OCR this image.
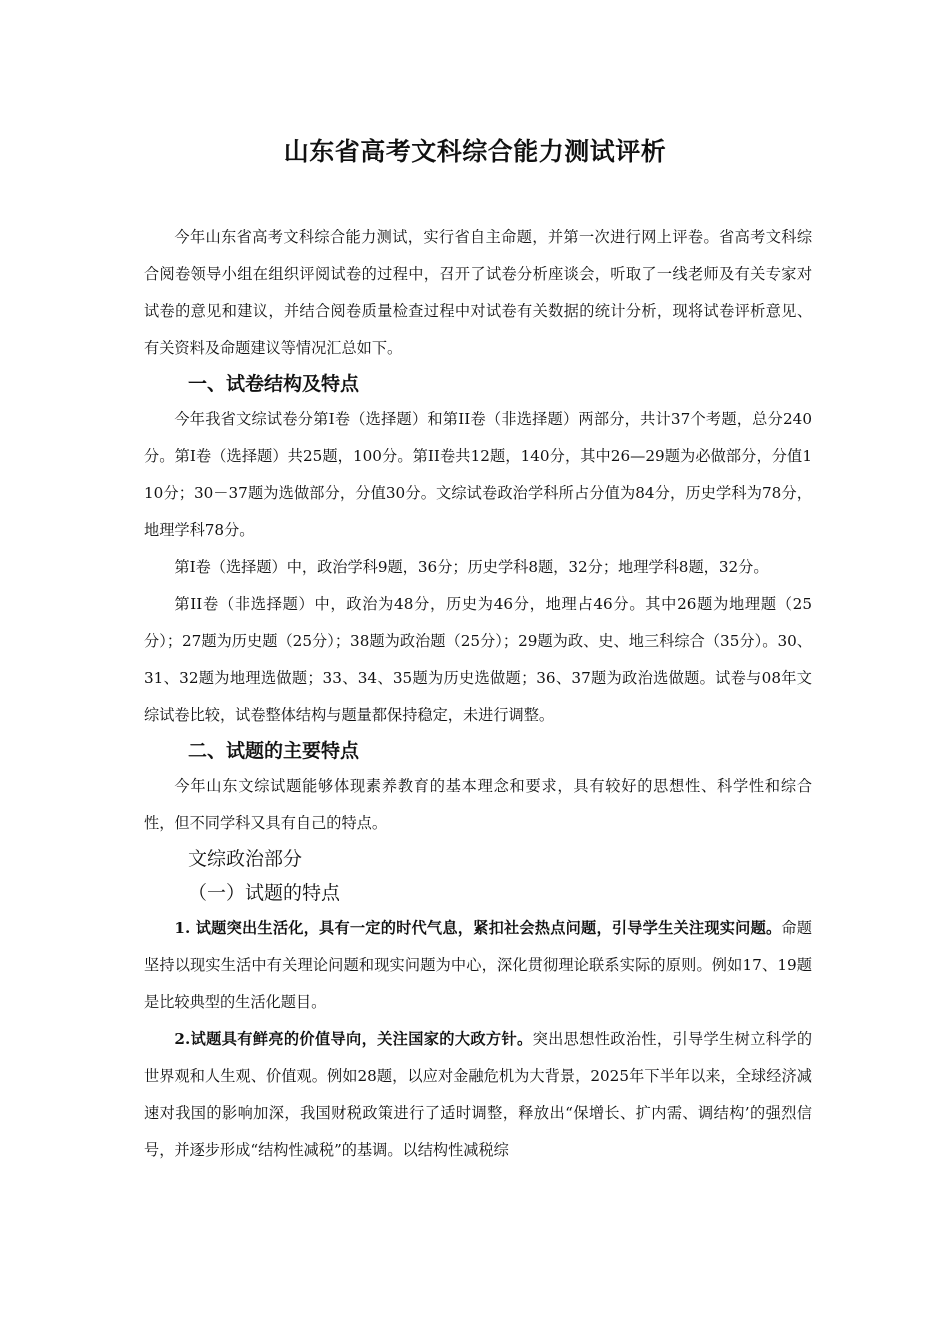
山东省高考文科综合能力测试评析

今年山东省高考文科综合能力测试，实行省自主命题，并第一次进行网上评卷。省高考文科综合阅卷领导小组在组织评阅试卷的过程中，召开了试卷分析座谈会，听取了一线老师及有关专家对试卷的意见和建议，并结合阅卷质量检查过程中对试卷有关数据的统计分析，现将试卷评析意见、有关资料及命题建议等情况汇总如下。

一、试卷结构及特点

今年我省文综试卷分第I卷（选择题）和第II卷（非选择题）两部分，共计37个考题，总分240分。第I卷（选择题）共25题，100分。第II卷共12题，140分，其中26—29题为必做部分，分值110分；30－37题为选做部分，分值30分。文综试卷政治学科所占分值为84分，历史学科为78分，地理学科78分。

第I卷（选择题）中，政治学科9题，36分；历史学科8题，32分；地理学科8题，32分。

第II卷（非选择题）中，政治为48分，历史为46分，地理占46分。其中26题为地理题（25分）；27题为历史题（25分）；38题为政治题（25分）；29题为政、史、地三科综合（35分）。30、31、32题为地理选做题；33、34、35题为历史选做题；36、37题为政治选做题。试卷与08年文综试卷比较，试卷整体结构与题量都保持稳定，未进行调整。

二、试题的主要特点

今年山东文综试题能够体现素养教育的基本理念和要求，具有较好的思想性、科学性和综合性，但不同学科又具有自己的特点。

文综政治部分
（一）试题的特点

1. 试题突出生活化，具有一定的时代气息，紧扣社会热点问题，引导学生关注现实问题。命题坚持以现实生活中有关理论问题和现实问题为中心，深化贯彻理论联系实际的原则。例如17、19题是比较典型的生活化题目。

2.试题具有鲜亮的价值导向，关注国家的大政方针。突出思想性政治性，引导学生树立科学的世界观和人生观、价值观。例如28题，以应对金融危机为大背景，2025年下半年以来，全球经济减速对我国的影响加深，我国财税政策进行了适时调整，释放出“保增长、扩内需、调结构’的强烈信号，并逐步形成“结构性减税”的基调。以结构性减税综
